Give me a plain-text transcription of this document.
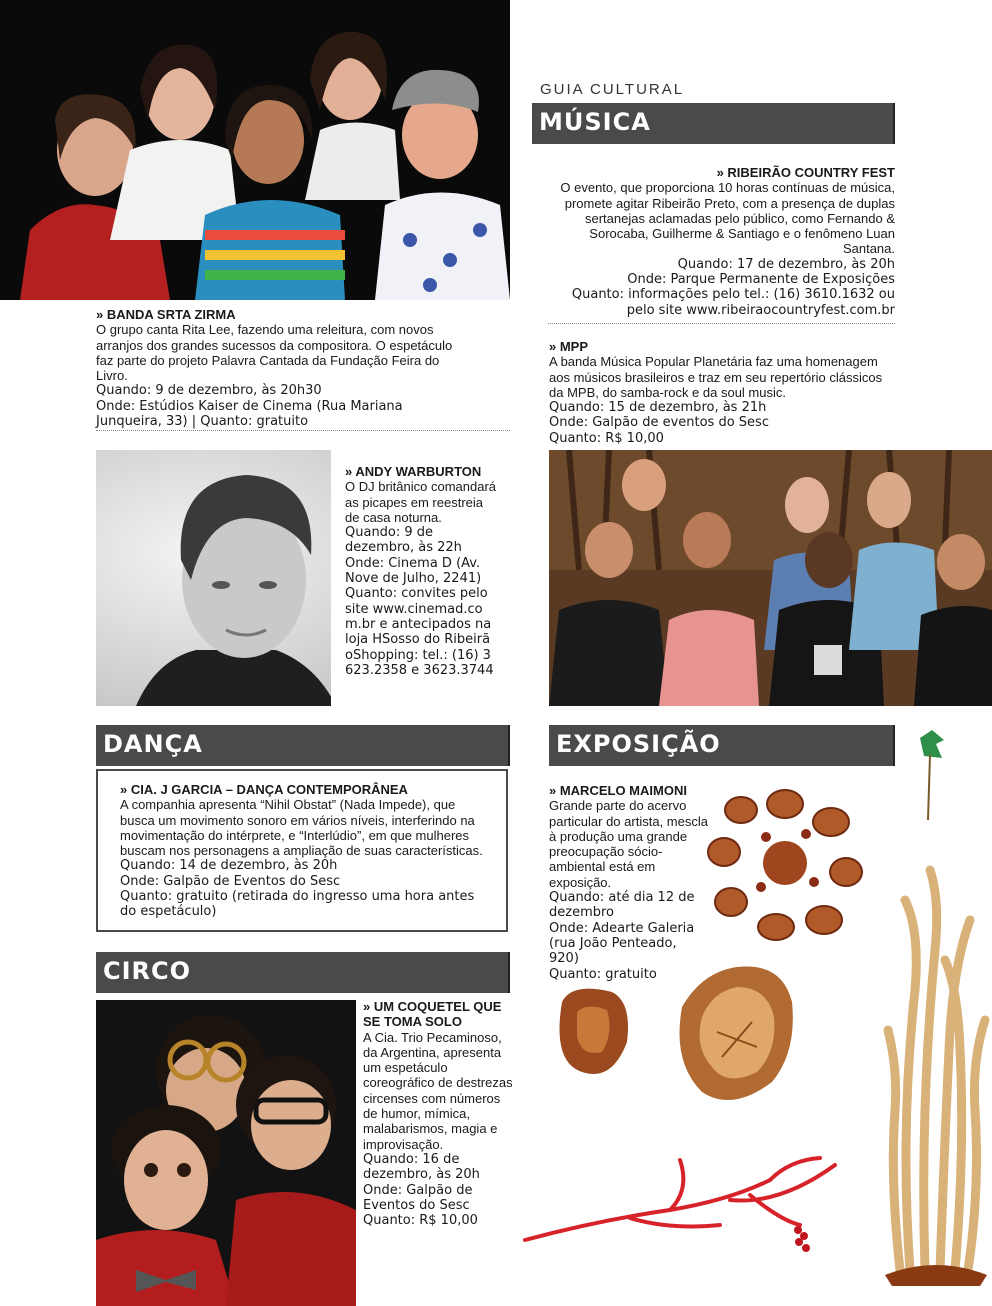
GUIA CULTURAL
MÚSICA
» RIBEIRÃO COUNTRY FEST
O evento, que proporciona 10 horas contínuas de música, promete agitar Ribeirão Preto, com a presença de duplas sertanejas aclamadas pelo público, como Fernando & Sorocaba, Guilherme & Santiago e o fenômeno Luan Santana.
Quando: 17 de dezembro, às 20h
Onde: Parque Permanente de Exposições
Quanto: informações pelo tel.: (16) 3610.1632 ou pelo site www.ribeiraocountryfest.com.br
» BANDA SRTA ZIRMA
O grupo canta Rita Lee, fazendo uma releitura, com novos arranjos dos grandes sucessos da compositora. O espetáculo faz parte do projeto Palavra Cantada da Fundação Feira do Livro.
Quando: 9 de dezembro, às 20h30
Onde: Estúdios Kaiser de Cinema (Rua Mariana Junqueira, 33) | Quanto: gratuito
» MPP
A banda Música Popular Planetária faz uma homenagem aos músicos brasileiros e traz em seu repertório clássicos da MPB, do samba-rock e da soul music.
Quando: 15 de dezembro, às 21h
Onde: Galpão de eventos do Sesc
Quanto: R$ 10,00
» ANDY WARBURTON
O DJ britânico comandará as picapes em reestreia de casa noturna.
Quando: 9 de dezembro, às 22h
Onde: Cinema D (Av. Nove de Julho, 2241)
Quanto: convites pelo site www.cinemad.com.br e antecipados na loja HSosso do RibeirãoShopping: tel.: (16) 3623.2358 e 3623.3744
DANÇA
» CIA. J GARCIA – DANÇA CONTEMPORÂNEA
A companhia apresenta “Nihil Obstat” (Nada Impede), que busca um movimento sonoro em vários níveis, interferindo na movimentação do intérprete, e “Interlúdio”, em que mulheres buscam nos personagens a ampliação de suas características.
Quando: 14 de dezembro, às 20h
Onde: Galpão de Eventos do Sesc
Quanto: gratuito (retirada do ingresso uma hora antes do espetáculo)
CIRCO
» UM COQUETEL QUE SE TOMA SOLO
A Cia. Trio Pecaminoso, da Argentina, apresenta um espetáculo coreográfico de destrezas circenses com números de humor, mímica, malabarismos, magia e improvisação.
Quando: 16 de dezembro, às 20h
Onde: Galpão de Eventos do Sesc
Quanto: R$ 10,00
EXPOSIÇÃO
» MARCELO MAIMONI
Grande parte do acervo particular do artista, mescla à produção uma grande preocupação sócio-ambiental está em exposição.
Quando: até dia 12 de dezembro
Onde: Adearte Galeria (rua João Penteado, 920)
Quanto: gratuito
